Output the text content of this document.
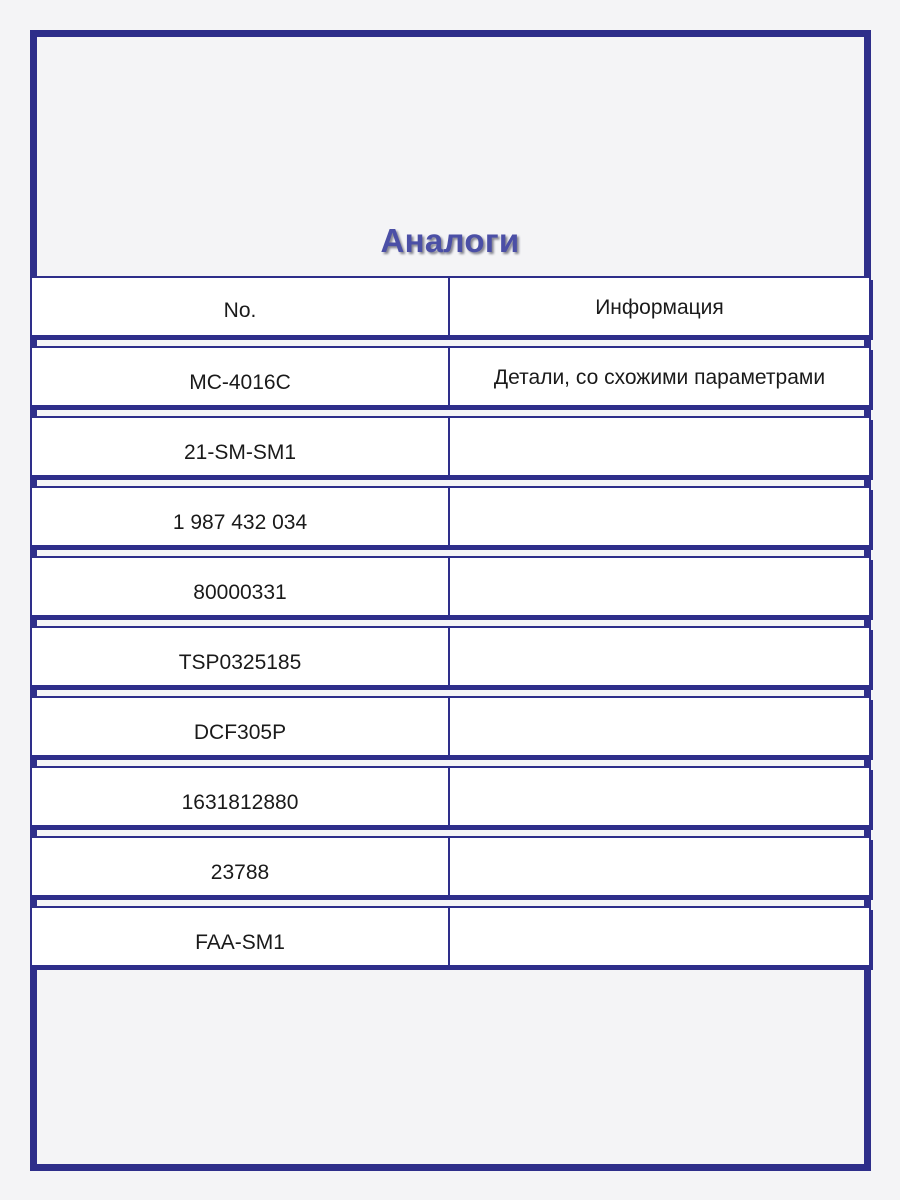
Аналоги
No.	Информация
MC-4016C	Детали, со схожими параметрами
21-SM-SM1
1 987 432 034
80000331
TSP0325185
DCF305P
1631812880
23788
FAA-SM1
